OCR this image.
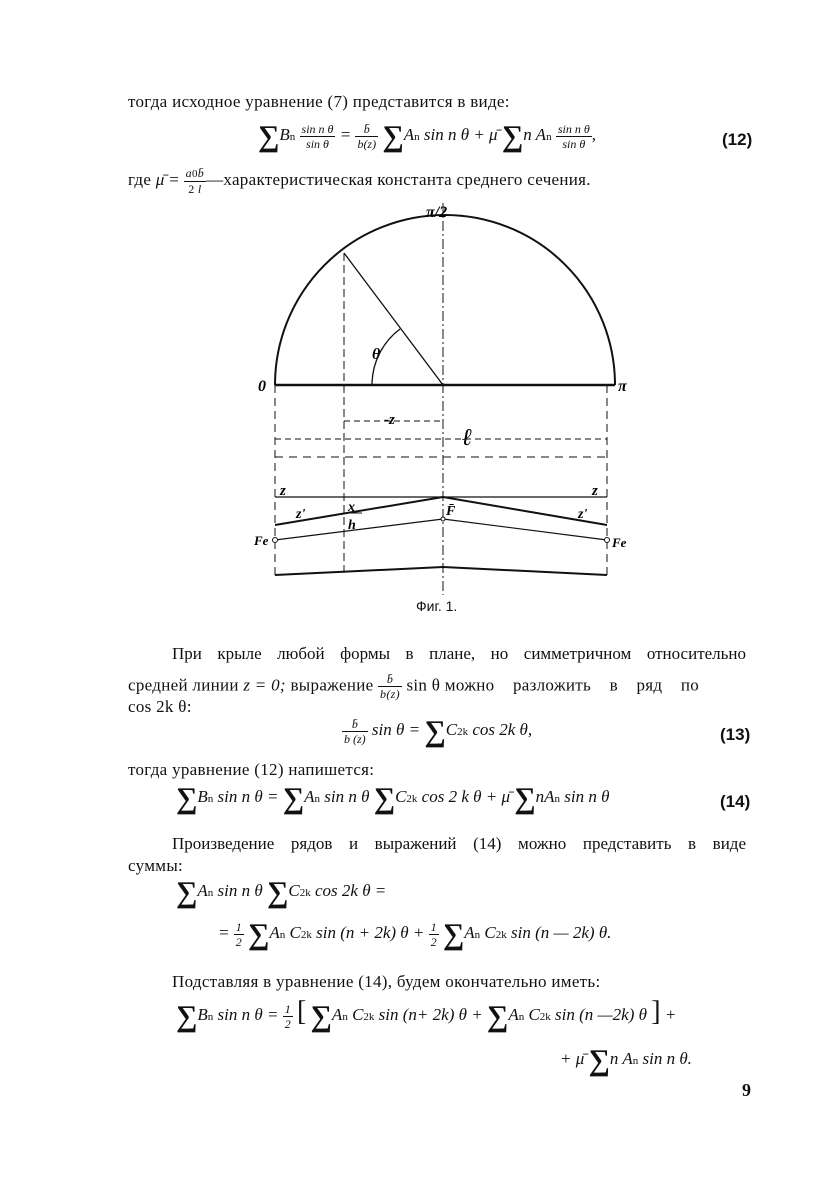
тогда исходное уравнение (7) представится в виде:
$\sum Bn \frac{\text{sin n θ}}{\text{sin θ}} = \frac{b̄}{b(z)} \sum An$ sin n θ + μ̄ ∑n An $\frac{\text{sin n θ}}{\text{sin θ}}$ ,	(12)
где μ̄ = $\frac{a0b̄}{2 l}$ —характеристическая константа среднего сечения.
π/2
0	π
θ
-z
ℓ
z	z
z'	z'
x
h
F̄
Fe	Fe
Фиг. 1.
При крыле любой формы в плане, но симметричном относительно
средней линии z = 0; выражение $\frac{b̄}{b(z)}$ sin θ можно разложить в ряд по
cos 2k θ:
$\frac{b̄}{b (z)}$ sin θ = ∑C2k cos 2k θ,	(13)
тогда уравнение (12) напишется:
∑Bn sin n θ = ∑An sin n θ ∑C2k cos 2 k θ + μ̄ ∑nAn sin n θ	(14)
Произведение рядов и выражений (14) можно представить в виде
суммы:
∑An sin n θ ∑C2k cos 2k θ =
= $\frac{1}{2} \sum An$ C2k sin (n + 2k) $\theta + \frac{1}{2} \sum An$ C2k sin (n — 2k) θ.
Подставляя в уравнение (14), будем окончательно иметь:
∑Bn sin n $\theta = \frac{1}{2}$ [ ∑An C2k sin (n+ 2k) θ + ∑An C2k sin (n —2k) θ ] +
+ μ̄ ∑n An sin n θ.
9
